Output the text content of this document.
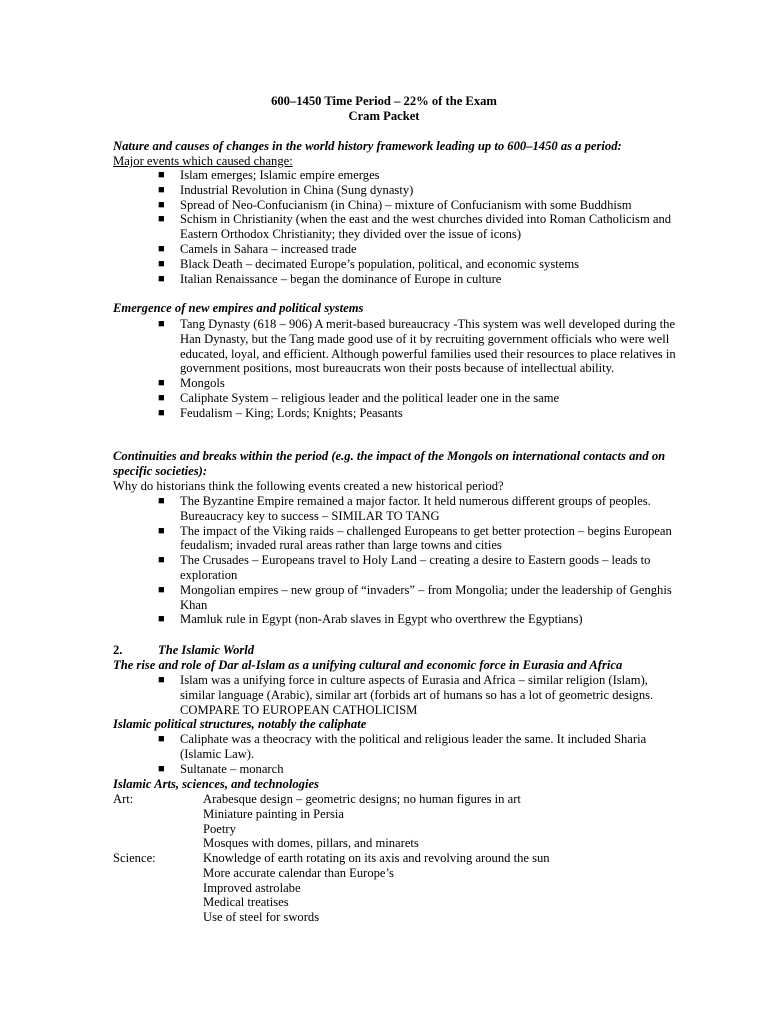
600–1450 Time Period – 22% of the Exam
Cram Packet
Nature and causes of changes in the world history framework leading up to 600–1450 as a period:
Major events which caused change:
■	Islam emerges; Islamic empire emerges
■	Industrial Revolution in China (Sung dynasty)
■	Spread of Neo-Confucianism (in China) – mixture of Confucianism with some Buddhism
■	Schism in Christianity (when the east and the west churches divided into Roman Catholicism and Eastern Orthodox Christianity; they divided over the issue of icons)
■	Camels in Sahara – increased trade
■	Black Death – decimated Europe’s population, political, and economic systems
■	Italian Renaissance – began the dominance of Europe in culture
Emergence of new empires and political systems
■	Tang Dynasty (618 – 906) A merit-based bureaucracy -This system was well developed during the Han Dynasty, but the Tang made good use of it by recruiting government officials who were well educated, loyal, and efficient. Although powerful families used their resources to place relatives in government positions, most bureaucrats won their posts because of intellectual ability.
■	Mongols
■	Caliphate System – religious leader and the political leader one in the same
■	Feudalism – King; Lords; Knights; Peasants
Continuities and breaks within the period (e.g. the impact of the Mongols on international contacts and on specific societies):
Why do historians think the following events created a new historical period?
■	The Byzantine Empire remained a major factor. It held numerous different groups of peoples. Bureaucracy key to success – SIMILAR TO TANG
■	The impact of the Viking raids – challenged Europeans to get better protection – begins European feudalism; invaded rural areas rather than large towns and cities
■	The Crusades – Europeans travel to Holy Land – creating a desire to Eastern goods – leads to exploration
■	Mongolian empires – new group of “invaders” – from Mongolia; under the leadership of Genghis Khan
■	Mamluk rule in Egypt (non-Arab slaves in Egypt who overthrew the Egyptians)
2.	The Islamic World
The rise and role of Dar al-Islam as a unifying cultural and economic force in Eurasia and Africa
■	Islam was a unifying force in culture aspects of Eurasia and Africa – similar religion (Islam), similar language (Arabic), similar art (forbids art of humans so has a lot of geometric designs. COMPARE TO EUROPEAN CATHOLICISM
Islamic political structures, notably the caliphate
■	Caliphate was a theocracy with the political and religious leader the same. It included Sharia (Islamic Law).
■	Sultanate – monarch
Islamic Arts, sciences, and technologies
Art:	Arabesque design – geometric designs; no human figures in art
Miniature painting in Persia
Poetry
Mosques with domes, pillars, and minarets
Science:	Knowledge of earth rotating on its axis and revolving around the sun
More accurate calendar than Europe’s
Improved astrolabe
Medical treatises
Use of steel for swords
